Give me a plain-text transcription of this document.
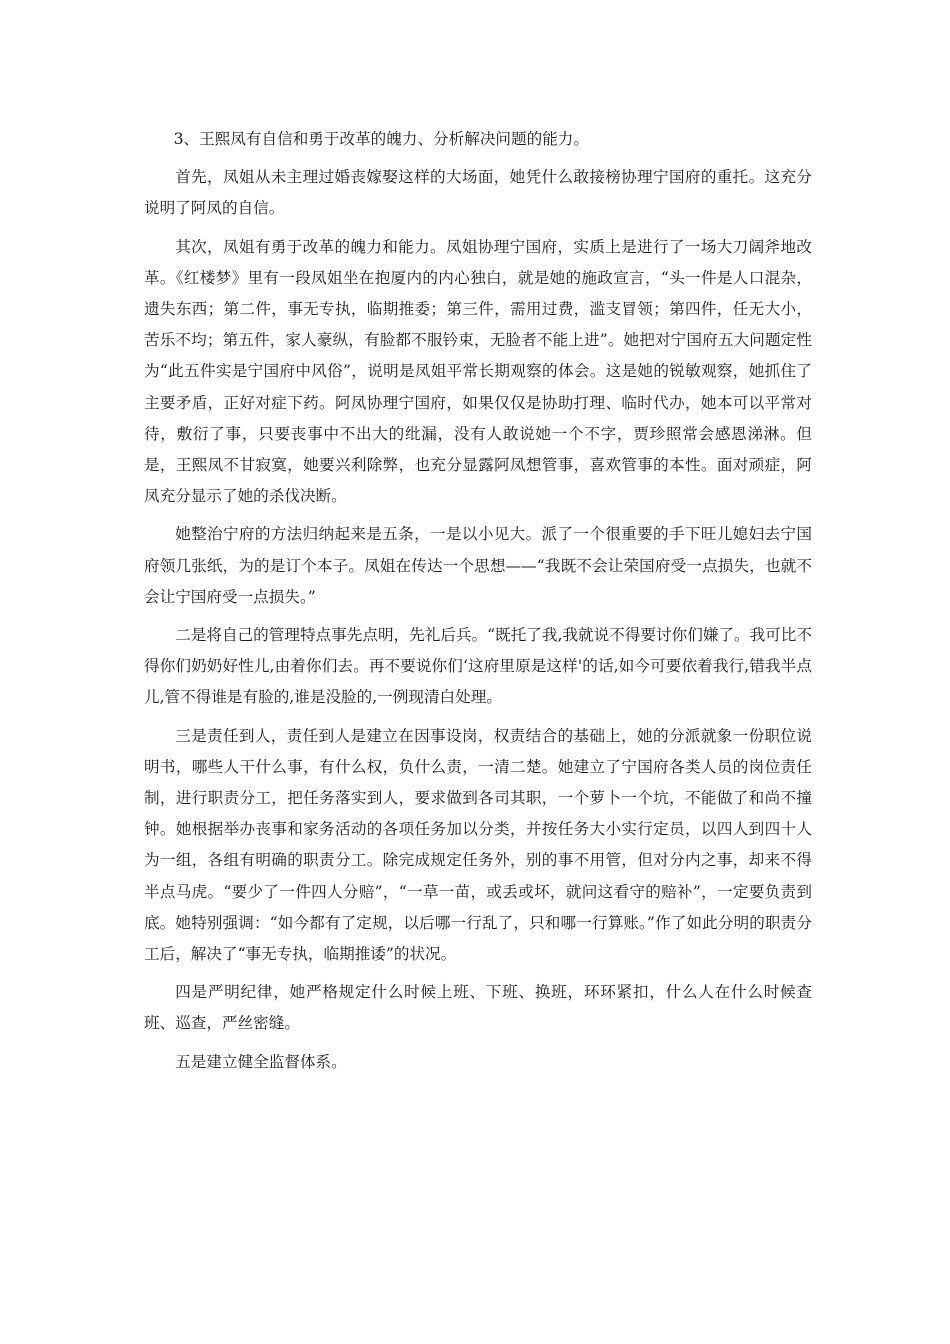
3、王熙凤有自信和勇于改革的魄力、分析解决问题的能力。

首先，凤姐从未主理过婚丧嫁娶这样的大场面，她凭什么敢接榜协理宁国府的重托。这充分说明了阿凤的自信。

其次，凤姐有勇于改革的魄力和能力。凤姐协理宁国府，实质上是进行了一场大刀阔斧地改革。《红楼梦》里有一段凤姐坐在抱厦内的内心独白，就是她的施政宣言，“头一件是人口混杂，遗失东西；第二件，事无专执，临期推委；第三件，需用过费，滥支冒领；第四件，任无大小，苦乐不均；第五件，家人豪纵，有脸都不服钤束，无脸者不能上进”。她把对宁国府五大问题定性为“此五件实是宁国府中风俗”，说明是凤姐平常长期观察的体会。这是她的锐敏观察，她抓住了主要矛盾，正好对症下药。阿凤协理宁国府，如果仅仅是协助打理、临时代办，她本可以平常对待，敷衍了事，只要丧事中不出大的纰漏，没有人敢说她一个不字，贾珍照常会感恩涕淋。但是，王熙凤不甘寂寞，她要兴利除弊，也充分显露阿凤想管事，喜欢管事的本性。面对顽症，阿凤充分显示了她的杀伐决断。

她整治宁府的方法归纳起来是五条，一是以小见大。派了一个很重要的手下旺儿媳妇去宁国府领几张纸，为的是订个本子。凤姐在传达一个思想——“我既不会让荣国府受一点损失，也就不会让宁国府受一点损失。”

二是将自己的管理特点事先点明，先礼后兵。“既托了我,我就说不得要讨你们嫌了。我可比不得你们奶奶好性儿,由着你们去。再不要说你们‘这府里原是这样'的话,如今可要依着我行,错我半点儿,管不得谁是有脸的,谁是没脸的,一例现清白处理。

三是责任到人，责任到人是建立在因事设岗，权责结合的基础上，她的分派就象一份职位说明书，哪些人干什么事，有什么权，负什么责，一清二楚。她建立了宁国府各类人员的岗位责任制，进行职责分工，把任务落实到人，要求做到各司其职，一个萝卜一个坑，不能做了和尚不撞钟。她根据举办丧事和家务活动的各项任务加以分类，并按任务大小实行定员，以四人到四十人为一组，各组有明确的职责分工。除完成规定任务外，别的事不用管，但对分内之事，却来不得半点马虎。“要少了一件四人分赔”，“一草一苗，或丢或坏，就问这看守的赔补”，一定要负责到底。她特别强调：“如今都有了定规，以后哪一行乱了，只和哪一行算账。”作了如此分明的职责分工后，解决了“事无专执，临期推诿”的状况。

四是严明纪律，她严格规定什么时候上班、下班、换班，环环紧扣，什么人在什么时候查班、巡查，严丝密缝。

五是建立健全监督体系。
